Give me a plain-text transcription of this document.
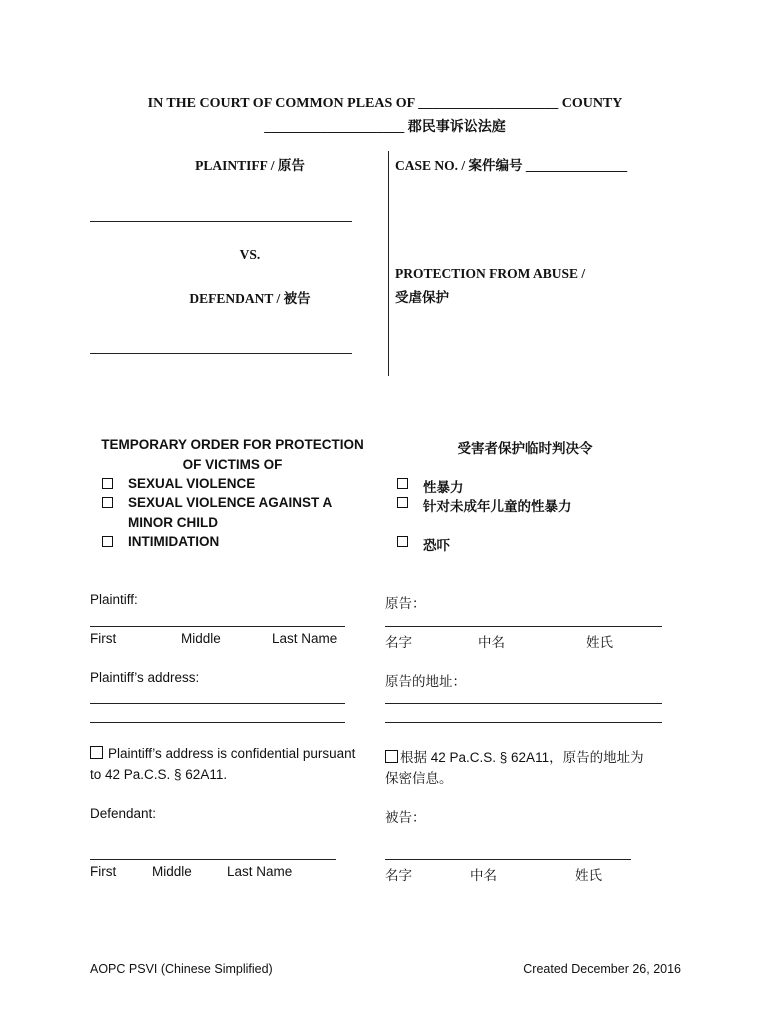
IN THE COURT OF COMMON PLEAS OF ____________________ COUNTY
____________________ 郡民事诉讼法庭
PLAINTIFF / 原告
VS.
DEFENDANT / 被告
CASE NO. / 案件编号 _______________
PROTECTION FROM ABUSE /
受虐保护
TEMPORARY ORDER FOR PROTECTION
OF VICTIMS OF
SEXUAL VIOLENCE
SEXUAL VIOLENCE AGAINST A
MINOR CHILD
INTIMIDATION
受害者保护临时判决令
性暴力
针对未成年儿童的性暴力
恐吓
Plaintiff:
First	Middle	Last Name
原告：
名字	中名	姓氏
Plaintiff’s address:	原告的地址：
Plaintiff’s address is confidential pursuant
to 42 Pa.C.S. § 62A11.
根据 42 Pa.C.S. § 62A11，原告的地址为
保密信息。
Defendant:
First	Middle	Last Name
被告：
名字	中名	姓氏
AOPC PSVI (Chinese Simplified)	Created December 26, 2016
